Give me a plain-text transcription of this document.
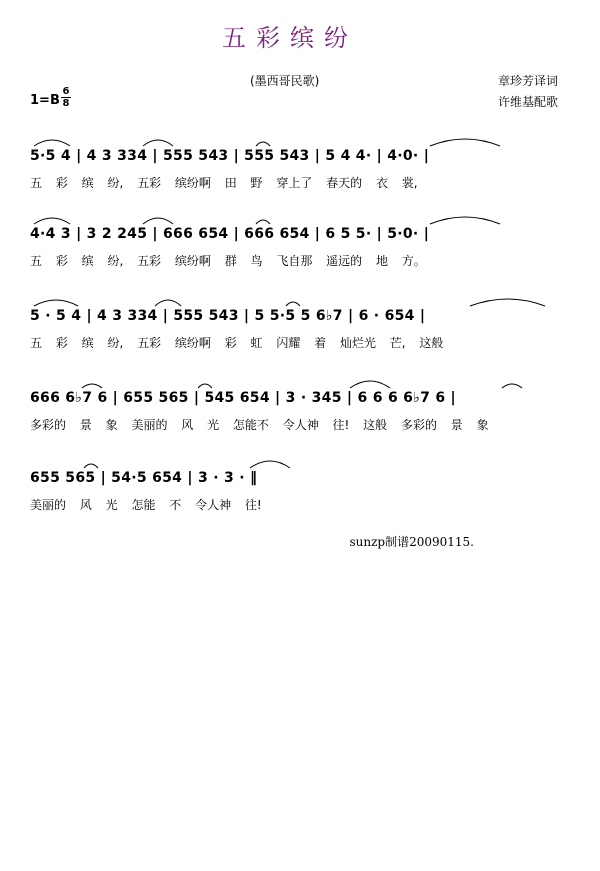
五彩缤纷
(墨西哥民歌)	章珍芳译词
许维基配歌
1=B
6
8
5·5 4 | 4 3 334 | 555 543 | 555 543 | 5 4 4· | 4·0· |
五 彩 缤 纷, 五彩 缤纷啊 田 野 穿上了 春天的 衣 裳,
4·4 3 | 3 2 245 | 666 654 | 666 654 | 6 5 5· | 5·0· |
五 彩 缤 纷, 五彩 缤纷啊 群 鸟 飞自那 遥远的 地 方。
5 · 5 4 | 4 3 334 | 555 543 | 5 5·5 5 6♭7 | 6 · 654 |
五 彩 缤 纷, 五彩 缤纷啊 彩 虹 闪耀 着 灿烂光 芒, 这般
666 6♭7 6 | 655 565 | 545 654 | 3 · 345 | 6 6 6 6♭7 6 |
多彩的 景 象 美丽的 风 光 怎能不 令人神 往! 这般 多彩的 景 象
655 565 | 54·5 654 | 3 · 3 · ‖
美丽的 风 光 怎能 不 令人神 往!
sunzp制谱20090115.
